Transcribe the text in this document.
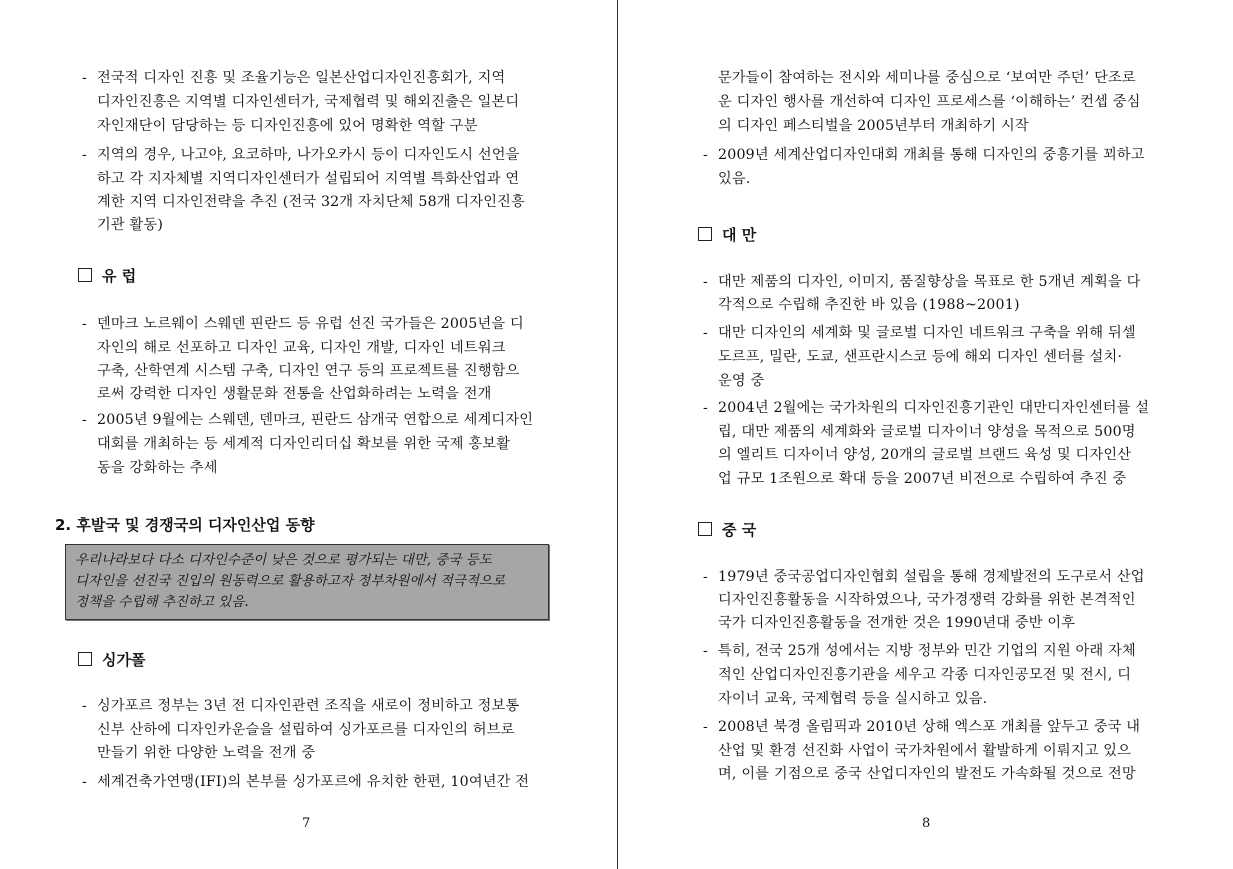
- 전국적 디자인 진흥 및 조율기능은 일본산업디자인진흥회가, 지역
디자인진흥은 지역별 디자인센터가, 국제협력 및 해외진출은 일본디
자인재단이 담당하는 등 디자인진흥에 있어 명확한 역할 구분
- 지역의 경우, 나고야, 요코하마, 나가오카시 등이 디자인도시 선언을
하고 각 지자체별 지역디자인센터가 설립되어 지역별 특화산업과 연
계한 지역 디자인전략을 추진 (전국 32개 자치단체 58개 디자인진흥
기관 활동)
유 럽
- 덴마크 노르웨이 스웨덴 핀란드 등 유럽 선진 국가들은 2005년을 디
자인의 해로 선포하고 디자인 교육, 디자인 개발, 디자인 네트워크
구축, 산학연계 시스템 구축, 디자인 연구 등의 프로젝트를 진행함으
로써 강력한 디자인 생활문화 전통을 산업화하려는 노력을 전개
- 2005년 9월에는 스웨덴, 덴마크, 핀란드 삼개국 연합으로 세계디자인
대회를 개최하는 등 세계적 디자인리더십 확보를 위한 국제 홍보활
동을 강화하는 추세
2. 후발국 및 경쟁국의 디자인산업 동향
우리나라보다 다소 디자인수준이 낮은 것으로 평가되는 대만, 중국 등도
디자인을 선진국 진입의 원동력으로 활용하고자 정부차원에서 적극적으로
정책을 수립해 추진하고 있음.
싱가폴
- 싱가포르 정부는 3년 전 디자인관련 조직을 새로이 정비하고 정보통
신부 산하에 디자인카운슬을 설립하여 싱가포르를 디자인의 허브로
만들기 위한 다양한 노력을 전개 중
- 세계건축가연맹(IFI)의 본부를 싱가포르에 유치한 한편, 10여년간 전
7
문가들이 참여하는 전시와 세미나를 중심으로 ‘보여만 주던’ 단조로
운 디자인 행사를 개선하여 디자인 프로세스를 ‘이해하는’ 컨셉 중심
의 디자인 페스티벌을 2005년부터 개최하기 시작
- 2009년 세계산업디자인대회 개최를 통해 디자인의 중흥기를 꾀하고
있음.
대 만
- 대만 제품의 디자인, 이미지, 품질향상을 목표로 한 5개년 계획을 다
각적으로 수립해 추진한 바 있음 (1988~2001)
- 대만 디자인의 세계화 및 글로벌 디자인 네트워크 구축을 위해 뒤셀
도르프, 밀란, 도쿄, 샌프란시스코 등에 해외 디자인 센터를 설치·
운영 중
- 2004년 2월에는 국가차원의 디자인진흥기관인 대만디자인센터를 설
립, 대만 제품의 세계화와 글로벌 디자이너 양성을 목적으로 500명
의 엘리트 디자이너 양성, 20개의 글로벌 브랜드 육성 및 디자인산
업 규모 1조원으로 확대 등을 2007년 비전으로 수립하여 추진 중
중 국
- 1979년 중국공업디자인협회 설립을 통해 경제발전의 도구로서 산업
디자인진흥활동을 시작하였으나, 국가경쟁력 강화를 위한 본격적인
국가 디자인진흥활동을 전개한 것은 1990년대 중반 이후
- 특히, 전국 25개 성에서는 지방 정부와 민간 기업의 지원 아래 자체
적인 산업디자인진흥기관을 세우고 각종 디자인공모전 및 전시, 디
자이너 교육, 국제협력 등을 실시하고 있음.
- 2008년 북경 올림픽과 2010년 상해 엑스포 개최를 앞두고 중국 내
산업 및 환경 선진화 사업이 국가차원에서 활발하게 이뤄지고 있으
며, 이를 기점으로 중국 산업디자인의 발전도 가속화될 것으로 전망
8
